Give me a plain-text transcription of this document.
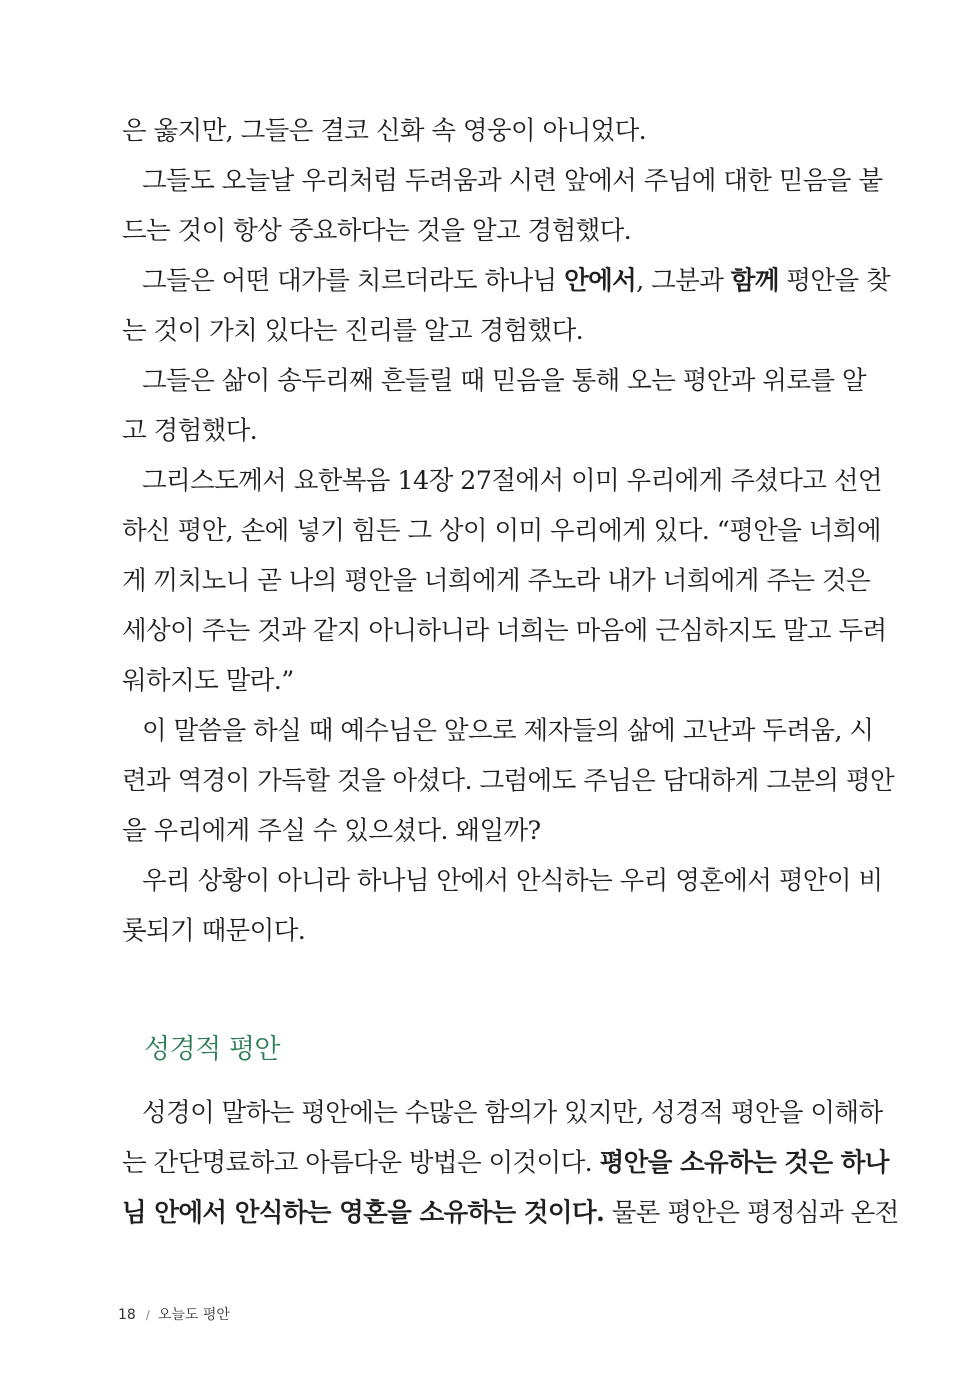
은 옳지만, 그들은 결코 신화 속 영웅이 아니었다.
그들도 오늘날 우리처럼 두려움과 시련 앞에서 주님에 대한 믿음을 붙
드는 것이 항상 중요하다는 것을 알고 경험했다.
그들은 어떤 대가를 치르더라도 하나님 안에서, 그분과 함께 평안을 찾
는 것이 가치 있다는 진리를 알고 경험했다.
그들은 삶이 송두리째 흔들릴 때 믿음을 통해 오는 평안과 위로를 알
고 경험했다.
그리스도께서 요한복음 14장 27절에서 이미 우리에게 주셨다고 선언
하신 평안, 손에 넣기 힘든 그 상이 이미 우리에게 있다. “평안을 너희에
게 끼치노니 곧 나의 평안을 너희에게 주노라 내가 너희에게 주는 것은
세상이 주는 것과 같지 아니하니라 너희는 마음에 근심하지도 말고 두려
워하지도 말라.”
이 말씀을 하실 때 예수님은 앞으로 제자들의 삶에 고난과 두려움, 시
련과 역경이 가득할 것을 아셨다. 그럼에도 주님은 담대하게 그분의 평안
을 우리에게 주실 수 있으셨다. 왜일까?
우리 상황이 아니라 하나님 안에서 안식하는 우리 영혼에서 평안이 비
롯되기 때문이다.
성경적 평안
성경이 말하는 평안에는 수많은 함의가 있지만, 성경적 평안을 이해하
는 간단명료하고 아름다운 방법은 이것이다. 평안을 소유하는 것은 하나
님 안에서 안식하는 영혼을 소유하는 것이다. 물론 평안은 평정심과 온전
18 / 오늘도 평안
